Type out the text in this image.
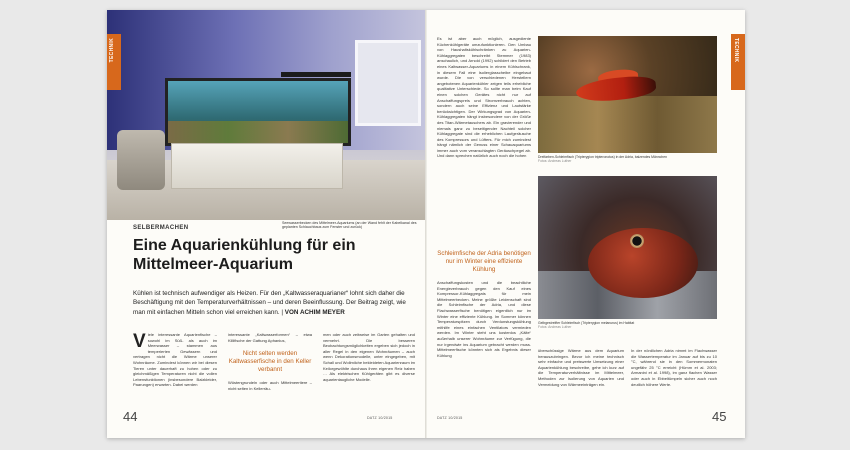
TECHNIK
Seewasserbecken des Mittelmeer-Aquariums (an der Wand fehlt der Kabelkanal des geplanten Schlauchbaus zum Fenster und zurück)
SELBERMACHEN
Eine Aquarienkühlung für ein Mittelmeer-Aquarium
Kühlen ist technisch aufwendiger als Heizen. Für den „Kaltwasseraquarianer“ lohnt sich daher die Beschäftigung mit den Temperaturverhältnissen – und deren Beeinflussung. Der Beitrag zeigt, wie man mit einfachen Mitteln schon viel erreichen kann. | VON ACHIM MEYER

Viele interessante Aquarienfische – sowohl im Süß- als auch im Meerwasser – stammen aus temperierten Gewässern und vertragen nicht die Wärme unserer Wohnräume. Zumindest können wir bei diesen Tieren unter dauerhaft zu hohen oder zu gleichmäßigen Temperaturen nicht die vollen Lebensfunktionen (insbesondere Balzkleider, Paarungen) erwarten. Dabei werden

interessante „Kaltwasserformen“ – etwa Killifische der Gattung Aphanius,

Nicht selten werden Kaltwasserfische in den Keller verbannt

Wüstengrundeln oder auch Mittelmeertiere – nicht selten in Kellerräu-

men oder auch zeitweise im Garten gehalten und vermehrt. Die besseren Beobachtungsmöglichkeiten ergeben sich jedoch in aller Regel in den eigenen Wohnräumen – auch wenn Dekorationsmodelle, unter eingegeben, mit Schall und Wollmilche bekleideten Aquarienraum im Keilorgewöhlte durchaus ihren eigenen Reiz haben … Als elektrischen Kühlgeräten gibt es diverse aquarientaugliche Modelle.

44	DATZ 10/2015

Es ist aber auch möglich, ausgediente Küchenkühlgeräte umzufunktionieren. Den Umbau von Haushaltskühlschränken zu Aquarien-Kühlaggregaten beschreibt Stemmer (1983) anschaulich, und Arnold (1992) schildert den Betrieb eines Kaltwasser-Aquariums in einem Kühlschrank, in diesem Fall eine Isolierglasscheibe eingebaut wurde. Die von verschiedenen Herstellern angebotenen Aquarienkühler zeigen teils erhebliche qualitative Unterschiede. So sollte man beim Kauf einen solchen Gerätes nicht nur auf Anschaffungspreis und Stromverbrauch achten, sondern auch seine Effizienz und Lautstärke berücksichtigen. Der Wirkungsgrad von Aquarien-Kühlaggregaten hängt insbesondere von der Größe des Titan-Wärmetauschers ab. Ein gravierender und niemals ganz zu beseitigender Nachteil solcher Kühlaggregate sind die erheblichen Laufgeräusche des Kompressors und Lüfters. Für mich zumindest hängt nämlich der Genuss einer Schauaquariums immer auch vom veranschlagten Geräuschpegel ab. Und dann sprechen natürlich auch noch die hohen

Schleimfische der Adria benötigen nur im Winter eine effiziente Kühlung

Anschaffungskosten und die beachtliche Energieverbrauch gegen den Kauf eines Kompressor-Kühlaggregats für mein Mittelmeerbecken. Meine größte Leidenschaft sind die Schleimfische der Adria, und diese Flachwasserfische benötigen eigentlich nur im Winter eine effiziente Kühlung. Im Sommer können Temperaturspitzen durch Verdunstungskühlung mithilfe eines einfachen Ventilators vermieden werden. Im Winter steht uns kostenlos „Kälte“ außerhalb unserer Wohnräume zur Verfügung, die nur irgendwie ins Aquarium gebracht werden muss. Mittelmeerfische könnten sich als Ergebnis dieser Kühlung

überschüssige Wärme aus dem Aquarium herauszubringen. Bevor ich meine technisch sehr einfache und preiswerte Umsetzung einer Aquarienkühlung beschreibe, gehe ich kurz auf die Temperaturverhältnisse im Mittelmeer, Methoden zur Isolierung von Aquarien und Vermeidung von Wärmeeinträgen ein.

In der nördlichen Adria nimmt im Flachwasser die Wassertemperatur im Januar auf bis zu 10 °C, während sie in den Sommermonaten ungefähr 25 °C erreicht (Hümm et al. 2003; Armanini et al. 1998), im ganz flachen Wasser oder auch in Ebbeltümpeln sicher auch noch deutlich höhere Werte.

Dreifarben-Schleimfisch (Tripterygion tripteronotus) in der Adria, balzendes Männchen
Fotos: Andreas Luther
Gelbgestreifter Schleimfisch (Tripterygion melanurus) im Habitat
Fotos: Andreas Luther
TECHNIK
DATZ 10/2015	45
